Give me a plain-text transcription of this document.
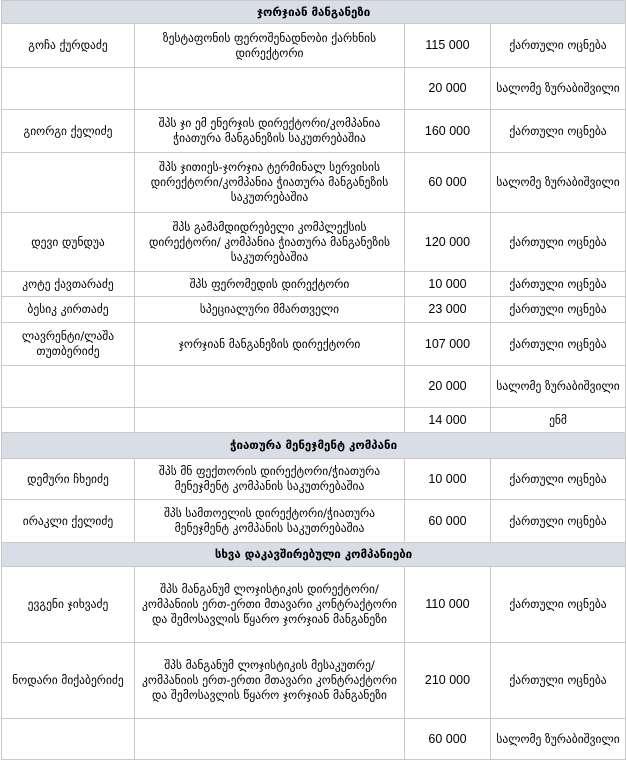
ჯორჯიან მანგანეზი			
გოჩა ქურდაძე	ზესტაფონის ფეროშენადნობი ქარხნის დირექტორი	115 000	ქართული ოცნება
		20 000	სალომე ზურაბიშვილი
გიორგი ქელიძე	შპს ჯი ემ ენერჯის დირექტორი/კომპანია ჭიათურა მანგანეზის საკუთრებაშია	160 000	ქართული ოცნება
	შპს ჯითიეს-ჯორჯია ტერმინალ სერვისის დირექტორი/კომპანია ჭიათურა მანგანეზის საკუთრებაშია	60 000	სალომე ზურაბიშვილი
დევი დუნდუა	შპს გამამდიდრებელი კომპლექსის დირექტორი/ კომპანია ჭიათურა მანგანეზის საკუთრებაშია	120 000	ქართული ოცნება
კოტე ქავთარაძე	შპს ფერომედის დირექტორი	10 000	ქართული ოცნება
ბესიკ კირთაძე	სპეციალური მმართველი	23 000	ქართული ოცნება
ლავრენტი/ლაშა თუთბერიძე	ჯორჯიან მანგანეზის დირექტორი	107 000	ქართული ოცნება
		20 000	სალომე ზურაბიშვილი
		14 000	ენმ
ჭიათურა მენეჯმენტ კომპანი			
დემური ჩხეიძე	შპს მნ ფექთორის დირექტორი/ჭიათურა მენეჯმენტ კომპანის საკუთრებაშია	10 000	ქართული ოცნება
ირაკლი ქელიძე	შპს სამთოელის დირექტორი/ჭიათურა მენეჯმენტ კომპანის საკუთრებაშია	60 000	ქართული ოცნება
სხვა დაკავშირებული კომპანიები			
ევგენი ჯიხვაძე	შპს მანგანუმ ლოჯისტიკის დირექტორი/კომპანიის ერთ-ერთი მთავარი კონტრაქტორი და შემოსავლის წყარო ჯორჯიან მანგანეზი	110 000	ქართული ოცნება
ნოდარი მიქაბერიძე	შპს მანგანუმ ლოჯისტიკის მესაკუთრე/კომპანიის ერთ-ერთი მთავარი კონტრაქტორი და შემოსავლის წყარო ჯორჯიან მანგანეზი	210 000	ქართული ოცნება
		60 000	სალომე ზურაბიშვილი
